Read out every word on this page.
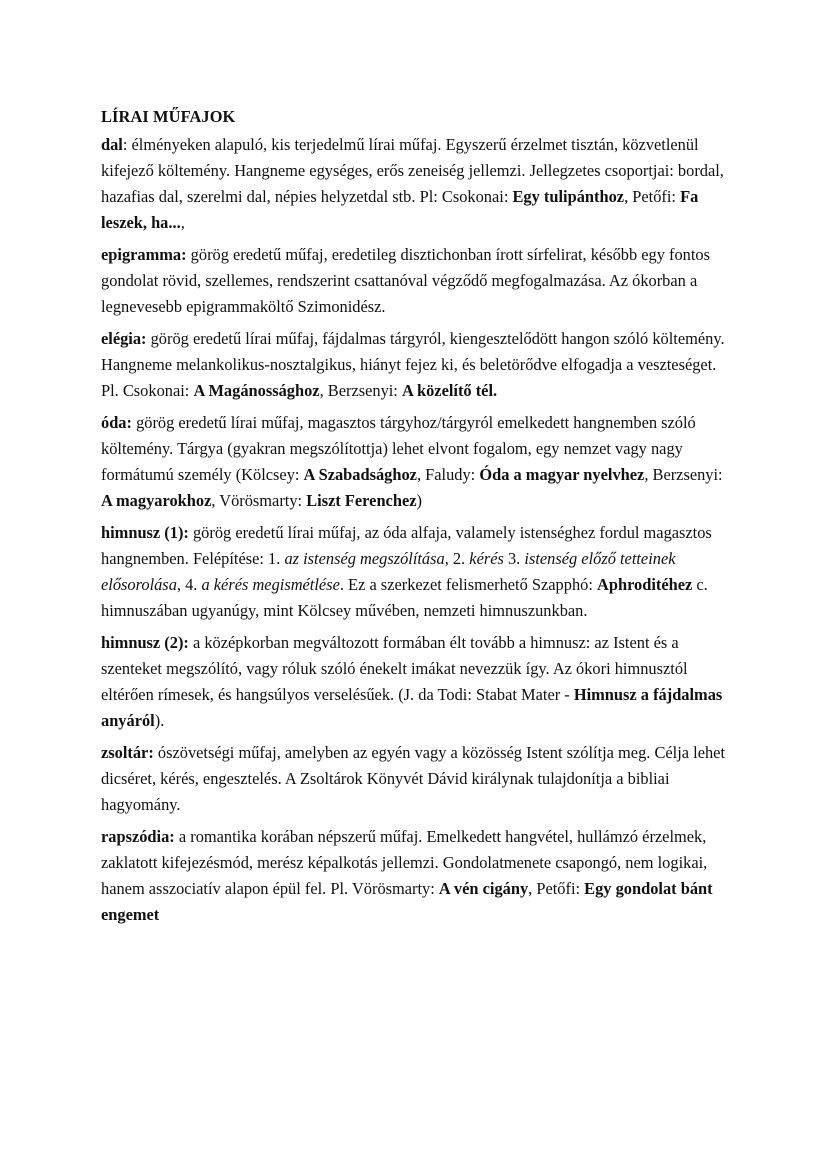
LÍRAI MŰFAJOK

dal: élményeken alapuló, kis terjedelmű lírai műfaj. Egyszerű érzelmet tisztán, közvetlenül kifejező költemény. Hangneme egységes, erős zeneiség jellemzi. Jellegzetes csoportjai: bordal, hazafias dal, szerelmi dal, népies helyzetdal stb. Pl: Csokonai: Egy tulipánthoz, Petőfi: Fa leszek, ha...,

epigramma: görög eredetű műfaj, eredetileg disztichonban írott sírfelirat, később egy fontos gondolat rövid, szellemes, rendszerint csattanóval végződő megfogalmazása. Az ókorban a legnevesebb epigrammaköltő Szimonidész.

elégia: görög eredetű lírai műfaj, fájdalmas tárgyról, kiengesztelődött hangon szóló költemény. Hangneme melankolikus-nosztalgikus, hiányt fejez ki, és beletörődve elfogadja a veszteséget. Pl. Csokonai: A Magánossághoz, Berzsenyi: A közelítő tél.

óda: görög eredetű lírai műfaj, magasztos tárgyhoz/tárgyról emelkedett hangnemben szóló költemény. Tárgya (gyakran megszólítottja) lehet elvont fogalom, egy nemzet vagy nagy formátumú személy (Kölcsey: A Szabadsághoz, Faludy: Óda a magyar nyelvhez, Berzsenyi: A magyarokhoz, Vörösmarty: Liszt Ferenchez)

himnusz (1): görög eredetű lírai műfaj, az óda alfaja, valamely istenséghez fordul magasztos hangnemben. Felépítése: 1. az istenség megszólítása, 2. kérés 3. istenség előző tetteinek elősorolása, 4. a kérés megismétlése. Ez a szerkezet felismerhető Szapphó: Aphroditéhez c. himnuszában ugyanúgy, mint Kölcsey művében, nemzeti himnuszunkban.

himnusz (2): a középkorban megváltozott formában élt tovább a himnusz: az Istent és a szenteket megszólító, vagy róluk szóló énekelt imákat nevezzük így. Az ókori himnusztól eltérően rímesek, és hangsúlyos verselésűek. (J. da Todi: Stabat Mater - Himnusz a fájdalmas anyáról).

zsoltár: ószövetségi műfaj, amelyben az egyén vagy a közösség Istent szólítja meg. Célja lehet dicséret, kérés, engesztelés. A Zsoltárok Könyvét Dávid királynak tulajdonítja a bibliai hagyomány.

rapszódia: a romantika korában népszerű műfaj. Emelkedett hangvétel, hullámzó érzelmek, zaklatott kifejezésmód, merész képalkotás jellemzi. Gondolatmenete csapongó, nem logikai, hanem asszociatív alapon épül fel. Pl. Vörösmarty: A vén cigány, Petőfi: Egy gondolat bánt engemet
